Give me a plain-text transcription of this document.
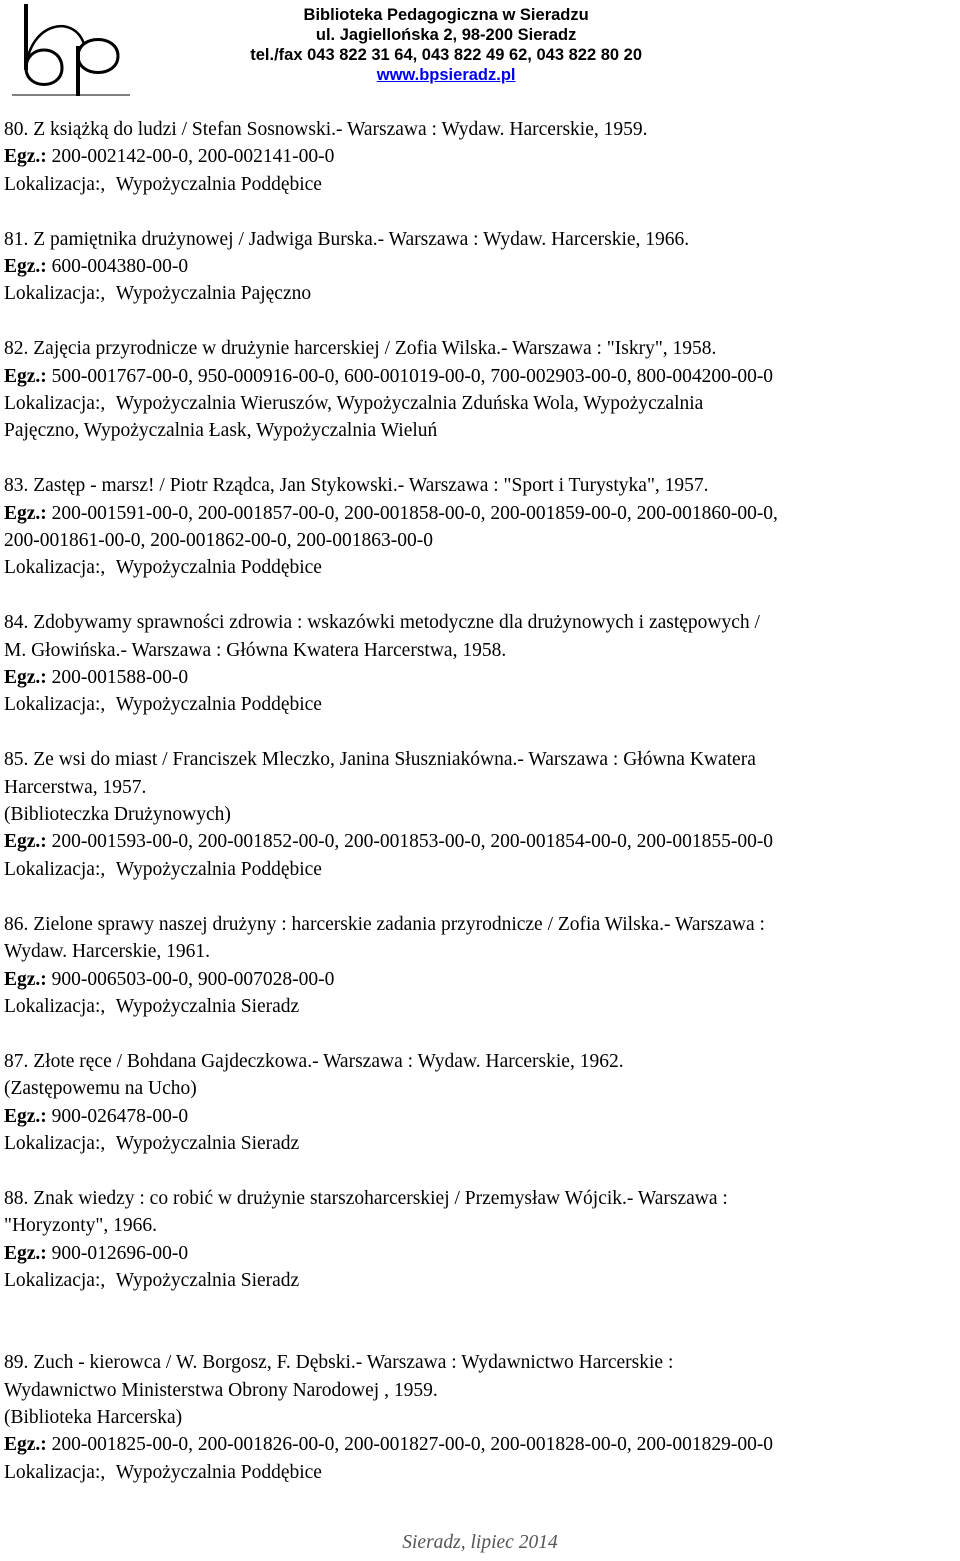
Biblioteka Pedagogiczna w Sieradzu
ul. Jagiellońska 2, 98-200 Sieradz
tel./fax 043 822 31 64, 043 822 49 62, 043 822 80 20
www.bpsieradz.pl
80. Z książką do ludzi / Stefan Sosnowski.- Warszawa : Wydaw. Harcerskie, 1959.
Egz.: 200-002142-00-0, 200-002141-00-0
Lokalizacja:, Wypożyczalnia Poddębice
81. Z pamiętnika drużynowej / Jadwiga Burska.- Warszawa : Wydaw. Harcerskie, 1966.
Egz.: 600-004380-00-0
Lokalizacja:, Wypożyczalnia Pajęczno
82. Zajęcia przyrodnicze w drużynie harcerskiej / Zofia Wilska.- Warszawa : "Iskry", 1958.
Egz.: 500-001767-00-0, 950-000916-00-0, 600-001019-00-0, 700-002903-00-0, 800-004200-00-0
Lokalizacja:, Wypożyczalnia Wieruszów, Wypożyczalnia Zduńska Wola, Wypożyczalnia
Pajęczno, Wypożyczalnia Łask, Wypożyczalnia Wieluń
83. Zastęp - marsz! / Piotr Rządca, Jan Stykowski.- Warszawa : "Sport i Turystyka", 1957.
Egz.: 200-001591-00-0, 200-001857-00-0, 200-001858-00-0, 200-001859-00-0, 200-001860-00-0,
200-001861-00-0, 200-001862-00-0, 200-001863-00-0
Lokalizacja:, Wypożyczalnia Poddębice
84. Zdobywamy sprawności zdrowia : wskazówki metodyczne dla drużynowych i zastępowych /
M. Głowińska.- Warszawa : Główna Kwatera Harcerstwa, 1958.
Egz.: 200-001588-00-0
Lokalizacja:, Wypożyczalnia Poddębice
85. Ze wsi do miast / Franciszek Mleczko, Janina Słuszniakówna.- Warszawa : Główna Kwatera
Harcerstwa, 1957.
(Biblioteczka Drużynowych)
Egz.: 200-001593-00-0, 200-001852-00-0, 200-001853-00-0, 200-001854-00-0, 200-001855-00-0
Lokalizacja:, Wypożyczalnia Poddębice
86. Zielone sprawy naszej drużyny : harcerskie zadania przyrodnicze / Zofia Wilska.- Warszawa :
Wydaw. Harcerskie, 1961.
Egz.: 900-006503-00-0, 900-007028-00-0
Lokalizacja:, Wypożyczalnia Sieradz
87. Złote ręce / Bohdana Gajdeczkowa.- Warszawa : Wydaw. Harcerskie, 1962.
(Zastępowemu na Ucho)
Egz.: 900-026478-00-0
Lokalizacja:, Wypożyczalnia Sieradz
88. Znak wiedzy : co robić w drużynie starszoharcerskiej / Przemysław Wójcik.- Warszawa :
"Horyzonty", 1966.
Egz.: 900-012696-00-0
Lokalizacja:, Wypożyczalnia Sieradz
89. Zuch - kierowca / W. Borgosz, F. Dębski.- Warszawa : Wydawnictwo Harcerskie :
Wydawnictwo Ministerstwa Obrony Narodowej , 1959.
(Biblioteka Harcerska)
Egz.: 200-001825-00-0, 200-001826-00-0, 200-001827-00-0, 200-001828-00-0, 200-001829-00-0
Lokalizacja:, Wypożyczalnia Poddębice
Sieradz, lipiec 2014
